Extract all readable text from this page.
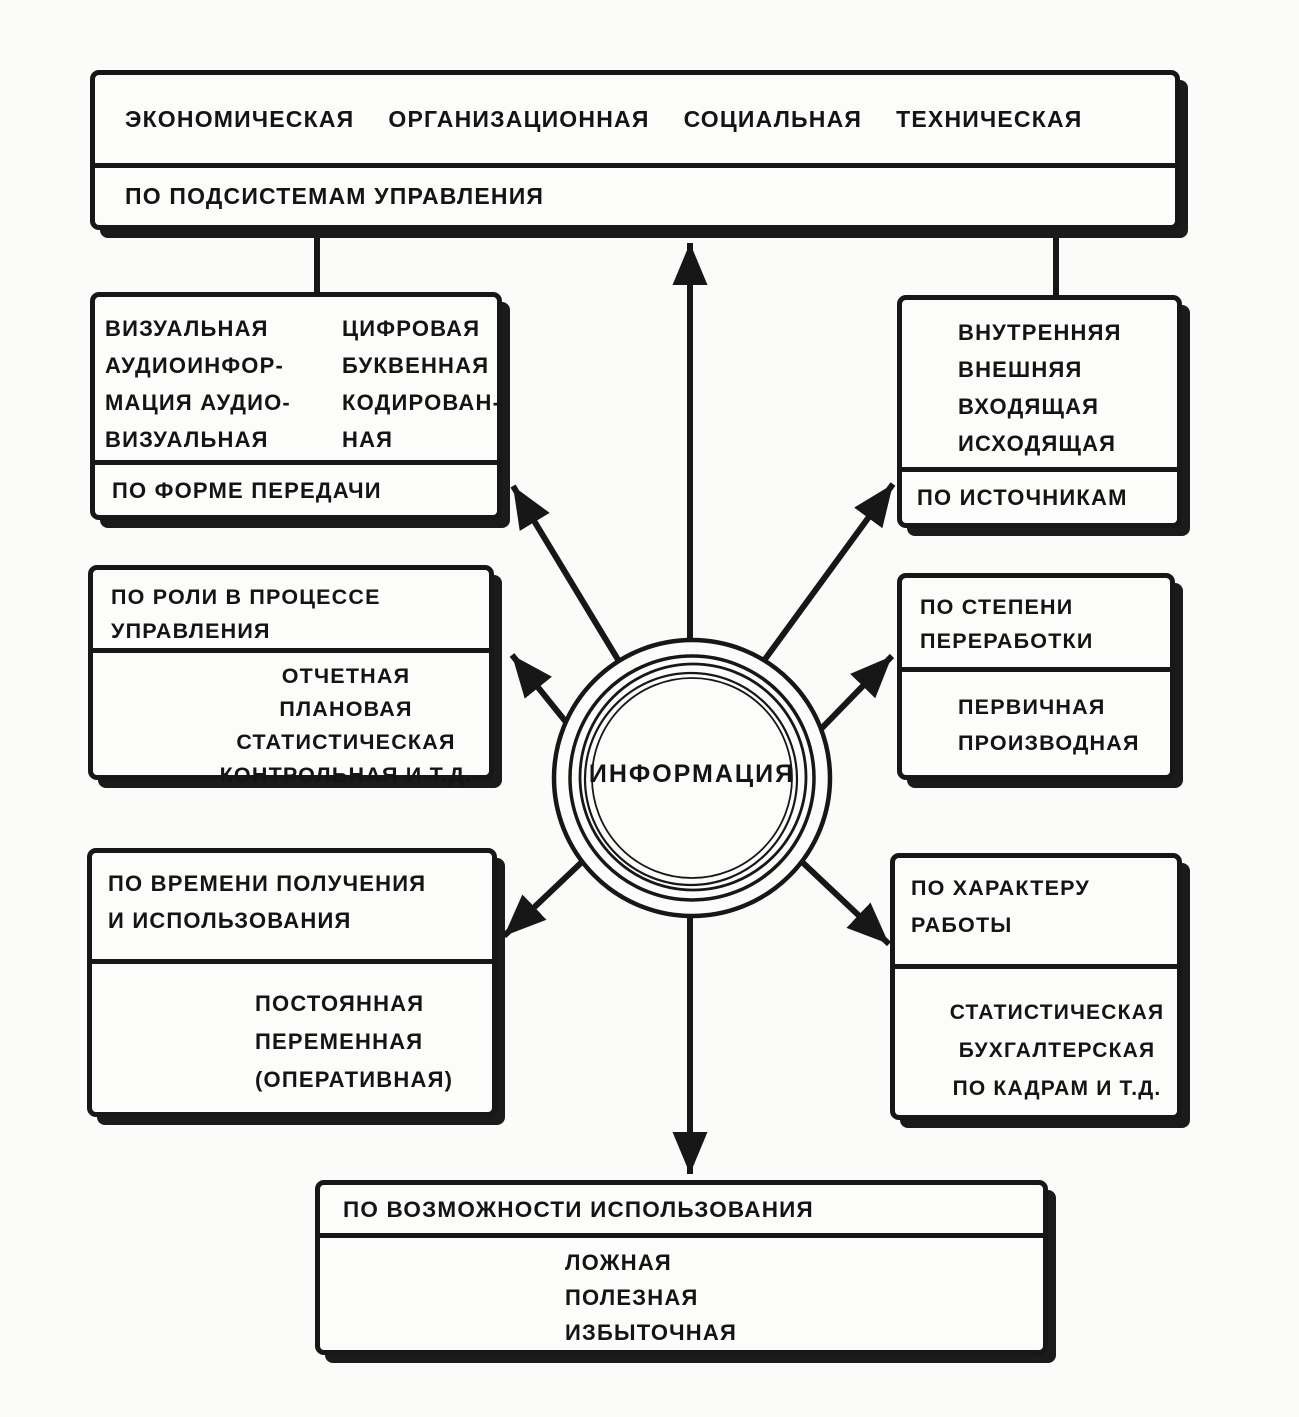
ЭКОНОМИЧЕСКАЯ ОРГАНИЗАЦИОННАЯ СОЦИАЛЬНАЯ ТЕХНИЧЕСКАЯ
ПО ПОДСИСТЕМАМ УПРАВЛЕНИЯ
ВИЗУАЛЬНАЯ
АУДИОИНФОР-
МАЦИЯ АУДИО-
ВИЗУАЛЬНАЯ
ЦИФРОВАЯ
БУКВЕННАЯ
КОДИРОВАН-
НАЯ
ПО ФОРМЕ ПЕРЕДАЧИ
ВНУТРЕННЯЯ
ВНЕШНЯЯ
ВХОДЯЩАЯ
ИСХОДЯЩАЯ
ПО ИСТОЧНИКАМ
ПО РОЛИ В ПРОЦЕССЕ
УПРАВЛЕНИЯ
ОТЧЕТНАЯ
ПЛАНОВАЯ
СТАТИСТИЧЕСКАЯ
КОНТРОЛЬНАЯ И Т.Д.
ПО СТЕПЕНИ
ПЕРЕРАБОТКИ
ПЕРВИЧНАЯ
ПРОИЗВОДНАЯ
ПО ВРЕМЕНИ ПОЛУЧЕНИЯ
И ИСПОЛЬЗОВАНИЯ
ПОСТОЯННАЯ
ПЕРЕМЕННАЯ
(ОПЕРАТИВНАЯ)
ПО ХАРАКТЕРУ
РАБОТЫ
СТАТИСТИЧЕСКАЯ
БУХГАЛТЕРСКАЯ
ПО КАДРАМ И Т.Д.
ПО ВОЗМОЖНОСТИ ИСПОЛЬЗОВАНИЯ
ЛОЖНАЯ
ПОЛЕЗНАЯ
ИЗБЫТОЧНАЯ
ИНФОРМАЦИЯ
